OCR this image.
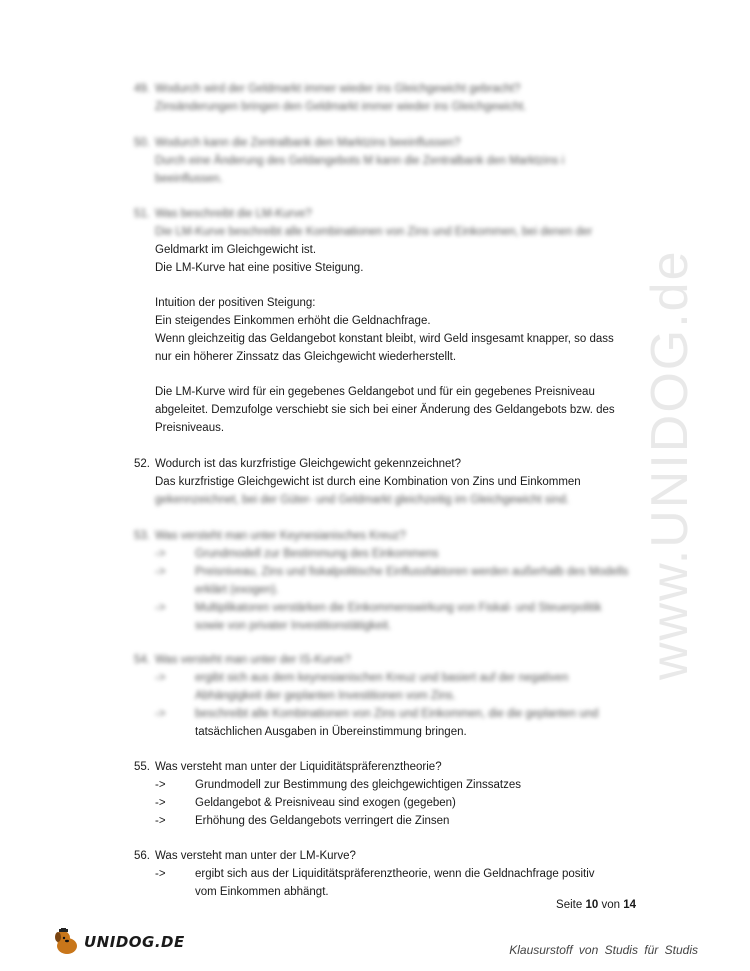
www.UNIDOG.de
49. Wodurch wird der Geldmarkt immer wieder ins Gleichgewicht gebracht?
Zinsänderungen bringen den Geldmarkt immer wieder ins Gleichgewicht.
50. Wodurch kann die Zentralbank den Marktzins beeinflussen?
Durch eine Änderung des Geldangebots M kann die Zentralbank den Marktzins i
beeinflussen.
51. Was beschreibt die LM-Kurve?
Die LM-Kurve beschreibt alle Kombinationen von Zins und Einkommen, bei denen der
Geldmarkt im Gleichgewicht ist.
Die LM-Kurve hat eine positive Steigung.
Intuition der positiven Steigung:
Ein steigendes Einkommen erhöht die Geldnachfrage.
Wenn gleichzeitig das Geldangebot konstant bleibt, wird Geld insgesamt knapper, so dass
nur ein höherer Zinssatz das Gleichgewicht wiederherstellt.
Die LM-Kurve wird für ein gegebenes Geldangebot und für ein gegebenes Preisniveau
abgeleitet. Demzufolge verschiebt sie sich bei einer Änderung des Geldangebots bzw. des
Preisniveaus.
52. Wodurch ist das kurzfristige Gleichgewicht gekennzeichnet?
Das kurzfristige Gleichgewicht ist durch eine Kombination von Zins und Einkommen
gekennzeichnet, bei der Güter- und Geldmarkt gleichzeitig im Gleichgewicht sind.
53. Was versteht man unter Keynesianisches Kreuz?
->	Grundmodell zur Bestimmung des Einkommens
->	Preisniveau, Zins und fiskalpolitische Einflussfaktoren werden außerhalb des Modells
erklärt (exogen).
->	Multiplikatoren verstärken die Einkommenswirkung von Fiskal- und Steuerpolitik
sowie von privater Investitionstätigkeit.
54. Was versteht man unter der IS-Kurve?
->	ergibt sich aus dem keynesianischen Kreuz und basiert auf der negativen
Abhängigkeit der geplanten Investitionen vom Zins.
->	beschreibt alle Kombinationen von Zins und Einkommen, die die geplanten und
tatsächlichen Ausgaben in Übereinstimmung bringen.
55. Was versteht man unter der Liquiditätspräferenztheorie?
->	Grundmodell zur Bestimmung des gleichgewichtigen Zinssatzes
->	Geldangebot & Preisniveau sind exogen (gegeben)
->	Erhöhung des Geldangebots verringert die Zinsen
56. Was versteht man unter der LM-Kurve?
->	ergibt sich aus der Liquiditätspräferenztheorie, wenn die Geldnachfrage positiv
vom Einkommen abhängt.
Seite 10 von 14
UNIDOG.DE	Klausurstoff von Studis für Studis
